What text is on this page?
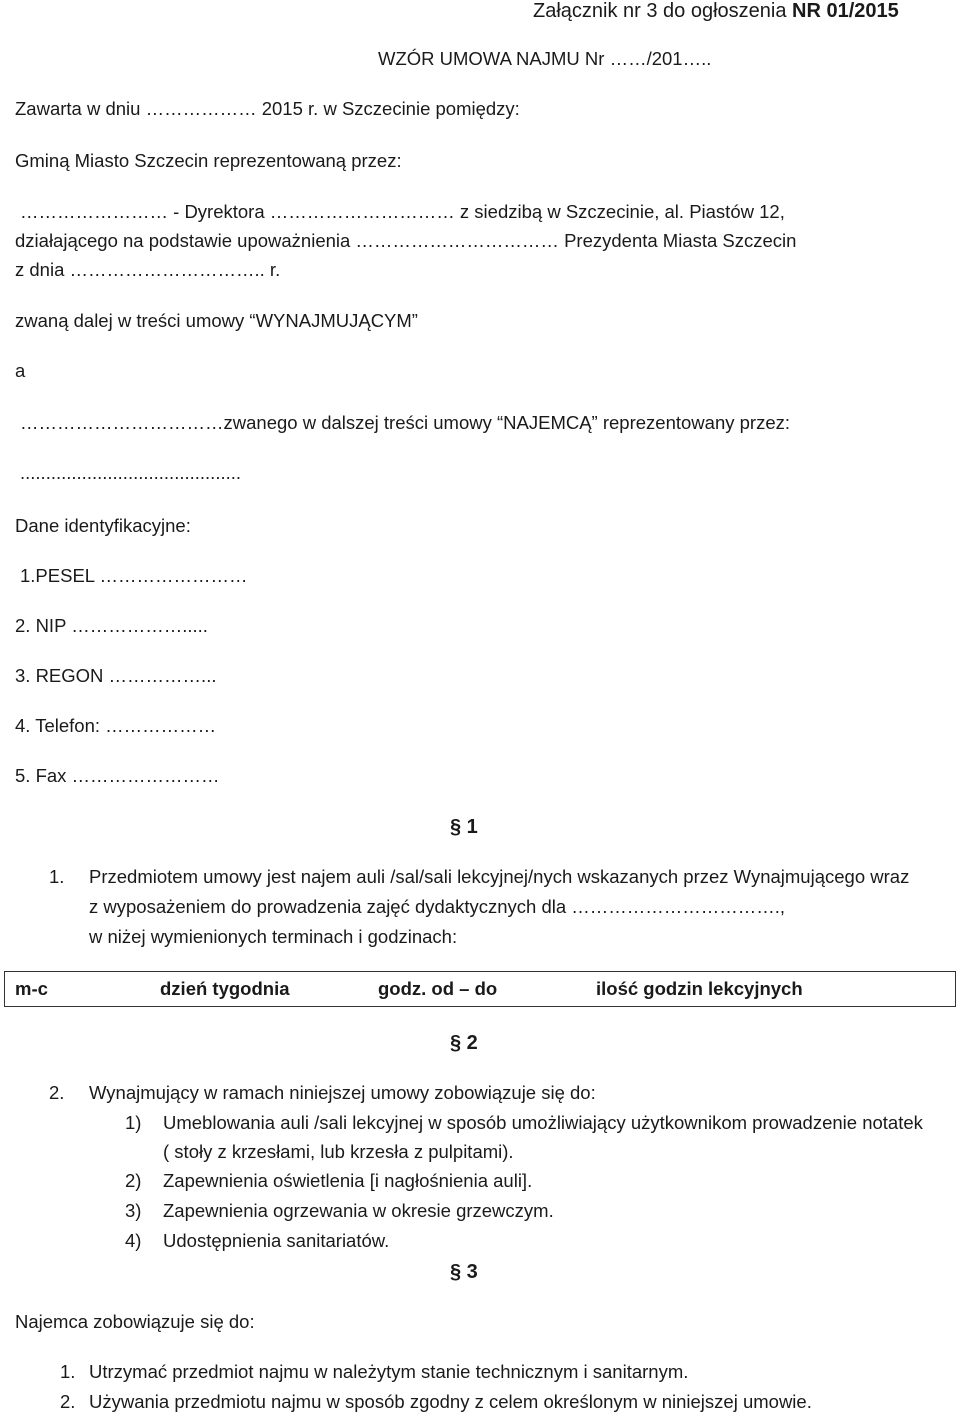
Załącznik nr 3 do ogłoszenia NR 01/2015
WZÓR UMOWA NAJMU Nr ……/201…..
Zawarta w dniu ……………… 2015 r. w Szczecinie pomiędzy:
Gminą Miasto Szczecin reprezentowaną przez:
…………………… - Dyrektora ………………………… z siedzibą w Szczecinie, al. Piastów 12,
działającego na podstawie upoważnienia …………………………… Prezydenta Miasta Szczecin
z dnia ………………………….. r.
zwaną dalej w treści umowy “WYNAJMUJĄCYM”
a
……………………………zwanego w dalszej treści umowy “NAJEMCĄ” reprezentowany przez:
...........................................
Dane identyfikacyjne:
1.PESEL ……………………
2. NIP ……………….....
3. REGON ……………...
4. Telefon: ………………
5. Fax ……………………
§ 1
1. Przedmiotem umowy jest najem auli /sal/sali lekcyjnej/nych wskazanych przez Wynajmującego wraz
z wyposażeniem do prowadzenia zajęć dydaktycznych dla …………………………….,
w niżej wymienionych terminach i godzinach:
m-c	dzień tygodnia	godz. od – do	ilość godzin lekcyjnych
§ 2
2. Wynajmujący w ramach niniejszej umowy zobowiązuje się do:
1) Umeblowania auli /sali lekcyjnej w sposób umożliwiający użytkownikom prowadzenie notatek
( stoły z krzesłami, lub krzesła z pulpitami).
2) Zapewnienia oświetlenia [i nagłośnienia auli].
3) Zapewnienia ogrzewania w okresie grzewczym.
4) Udostępnienia sanitariatów.
§ 3
Najemca zobowiązuje się do:
1. Utrzymać przedmiot najmu w należytym stanie technicznym i sanitarnym.
2. Używania przedmiotu najmu w sposób zgodny z celem określonym w niniejszej umowie.
